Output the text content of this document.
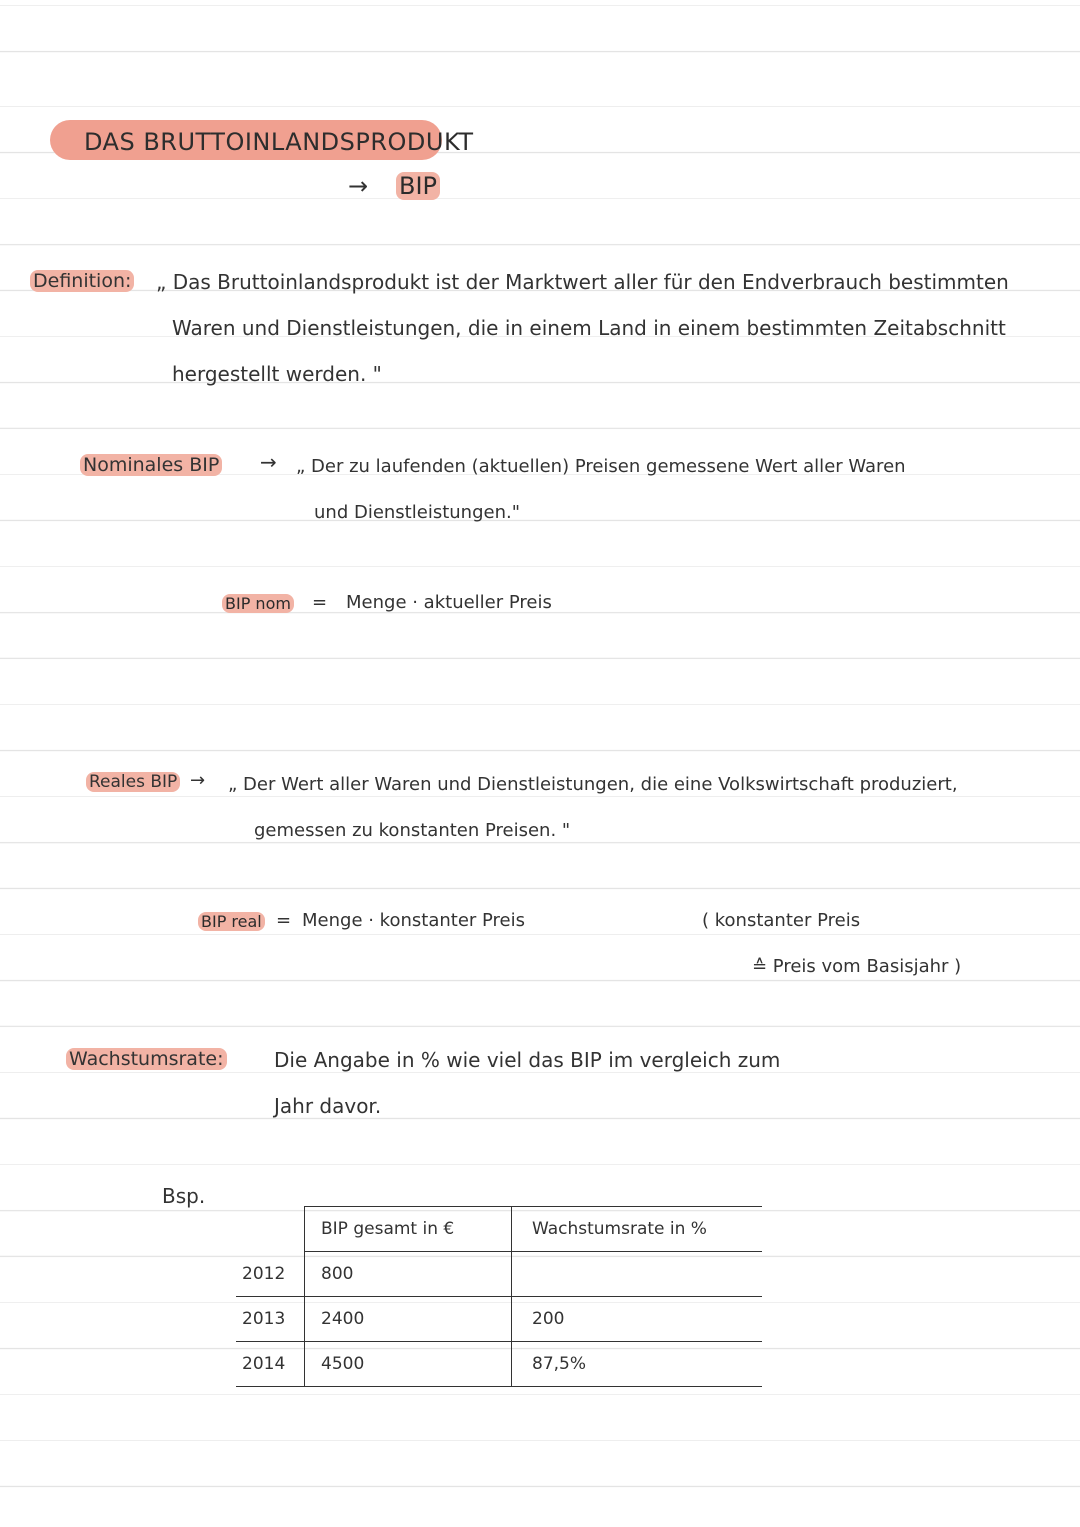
DAS BRUTTOINLANDSPRODUKT
→ BIP
Definition: „ Das Bruttoinlandsprodukt ist der Marktwert aller für den Endverbrauch bestimmten
Waren und Dienstleistungen, die in einem Land in einem bestimmten Zeitabschnitt
hergestellt werden. "
Nominales BIP → „ Der zu laufenden (aktuellen) Preisen gemessene Wert aller Waren
und Dienstleistungen."
BIP nom = Menge · aktueller Preis
Reales BIP → „ Der Wert aller Waren und Dienstleistungen, die eine Volkswirtschaft produziert,
gemessen zu konstanten Preisen. "
BIP real = Menge · konstanter Preis	( konstanter Preis
≙ Preis vom Basisjahr )
Wachstumsrate:	Die Angabe in % wie viel das BIP im vergleich zum
Jahr davor.
Bsp.
	BIP gesamt in €	Wachstumsrate in %
2012	800	
2013	2400	200
2014	4500	87,5%
